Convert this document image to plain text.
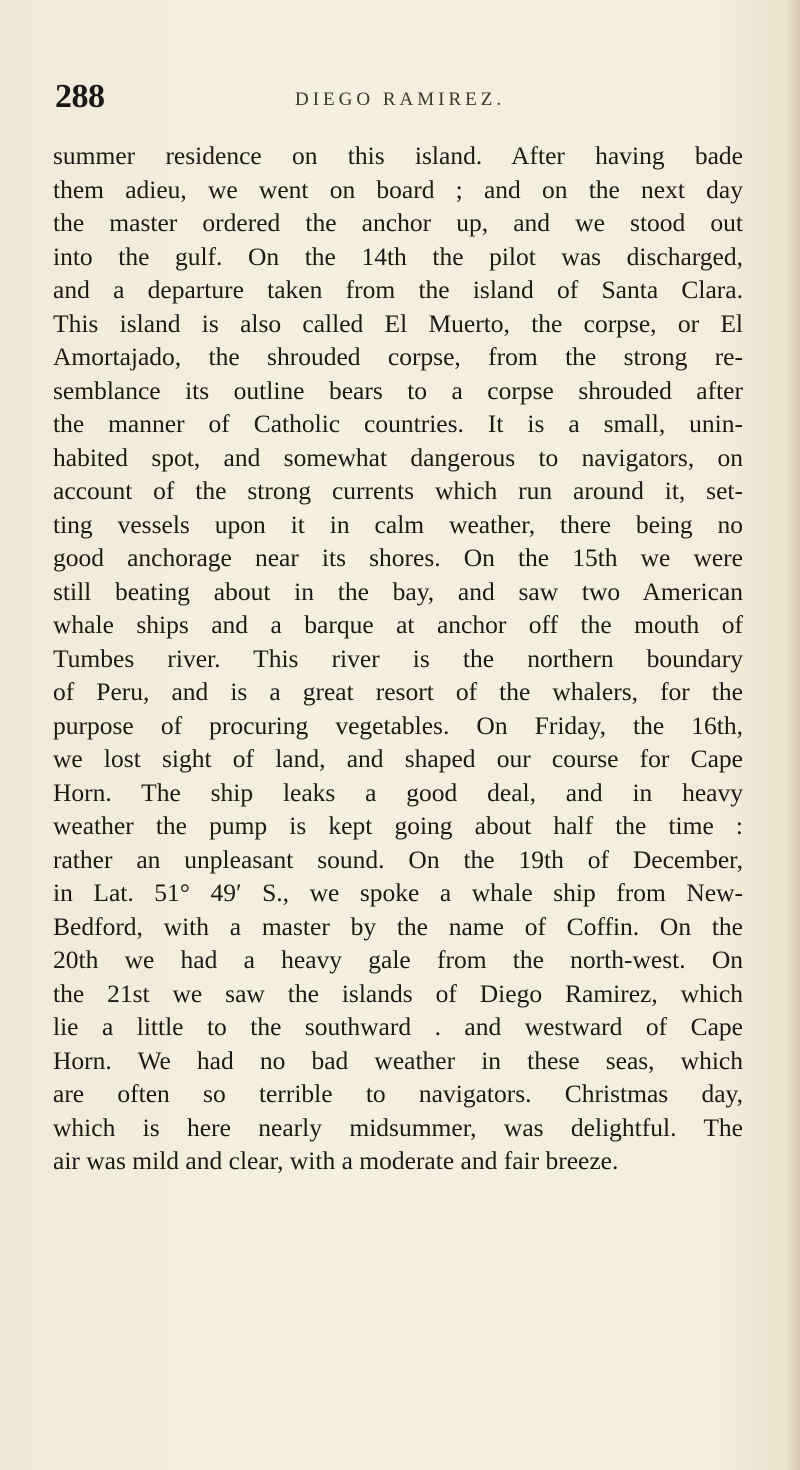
288	DIEGO RAMIREZ.
summer residence on this island. After having bade
them adieu, we went on board ; and on the next day
the master ordered the anchor up, and we stood out
into the gulf. On the 14th the pilot was discharged,
and a departure taken from the island of Santa Clara.
This island is also called El Muerto, the corpse, or El
Amortajado, the shrouded corpse, from the strong re-
semblance its outline bears to a corpse shrouded after
the manner of Catholic countries. It is a small, unin-
habited spot, and somewhat dangerous to navigators, on
account of the strong currents which run around it, set-
ting vessels upon it in calm weather, there being no
good anchorage near its shores. On the 15th we were
still beating about in the bay, and saw two American
whale ships and a barque at anchor off the mouth of
Tumbes river. This river is the northern boundary
of Peru, and is a great resort of the whalers, for the
purpose of procuring vegetables. On Friday, the 16th,
we lost sight of land, and shaped our course for Cape
Horn. The ship leaks a good deal, and in heavy
weather the pump is kept going about half the time :
rather an unpleasant sound. On the 19th of December,
in Lat. 51° 49′ S., we spoke a whale ship from New-
Bedford, with a master by the name of Coffin. On the
20th we had a heavy gale from the north-west. On
the 21st we saw the islands of Diego Ramirez, which
lie a little to the southward . and westward of Cape
Horn. We had no bad weather in these seas, which
are often so terrible to navigators. Christmas day,
which is here nearly midsummer, was delightful. The
air was mild and clear, with a moderate and fair breeze.
